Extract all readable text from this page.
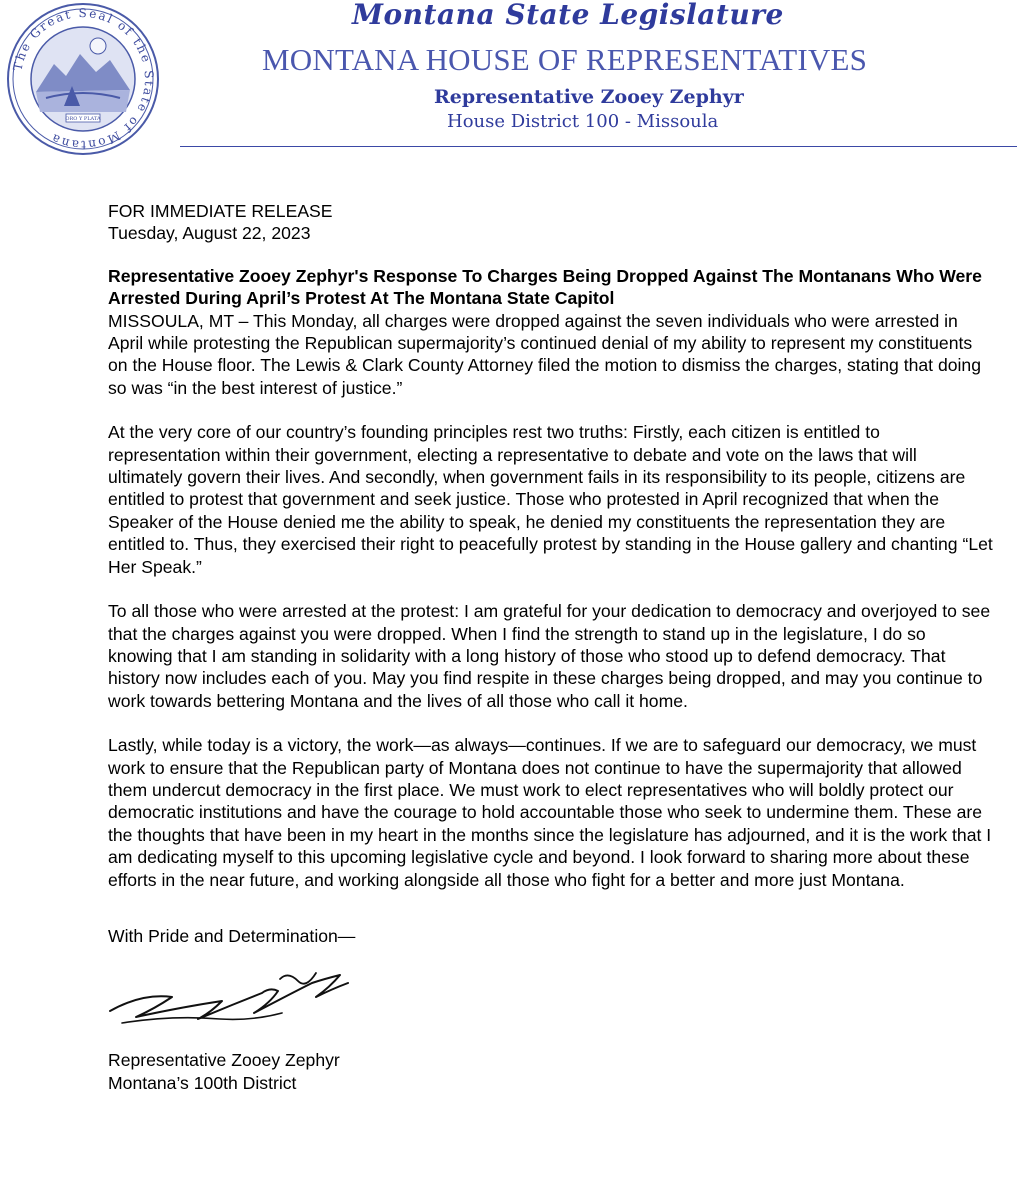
The Great Seal of the State of Montana
ORO Y PLATA
Montana State Legislature
MONTANA HOUSE OF REPRESENTATIVES
Representative Zooey Zephyr
House District 100 - Missoula

FOR IMMEDIATE RELEASE

Tuesday, August 22, 2023

Representative Zooey Zephyr's Response To Charges Being Dropped Against The Montanans Who Were Arrested During April’s Protest At The Montana State Capitol

MISSOULA, MT – This Monday, all charges were dropped against the seven individuals who were arrested in April while protesting the Republican supermajority’s continued denial of my ability to represent my constituents on the House floor. The Lewis & Clark County Attorney filed the motion to dismiss the charges, stating that doing so was “in the best interest of justice.”

At the very core of our country’s founding principles rest two truths: Firstly, each citizen is entitled to representation within their government, electing a representative to debate and vote on the laws that will ultimately govern their lives. And secondly, when government fails in its responsibility to its people, citizens are entitled to protest that government and seek justice. Those who protested in April recognized that when the Speaker of the House denied me the ability to speak, he denied my constituents the representation they are entitled to. Thus, they exercised their right to peacefully protest by standing in the House gallery and chanting “Let Her Speak.”

To all those who were arrested at the protest: I am grateful for your dedication to democracy and overjoyed to see that the charges against you were dropped. When I find the strength to stand up in the legislature, I do so knowing that I am standing in solidarity with a long history of those who stood up to defend democracy. That history now includes each of you. May you find respite in these charges being dropped, and may you continue to work towards bettering Montana and the lives of all those who call it home.

Lastly, while today is a victory, the work—as always—continues. If we are to safeguard our democracy, we must work to ensure that the Republican party of Montana does not continue to have the supermajority that allowed them undercut democracy in the first place. We must work to elect representatives who will boldly protect our democratic institutions and have the courage to hold accountable those who seek to undermine them. These are the thoughts that have been in my heart in the months since the legislature has adjourned, and it is the work that I am dedicating myself to this upcoming legislative cycle and beyond. I look forward to sharing more about these efforts in the near future, and working alongside all those who fight for a better and more just Montana.

With Pride and Determination—

Representative Zooey Zephyr
Montana’s 100th District
